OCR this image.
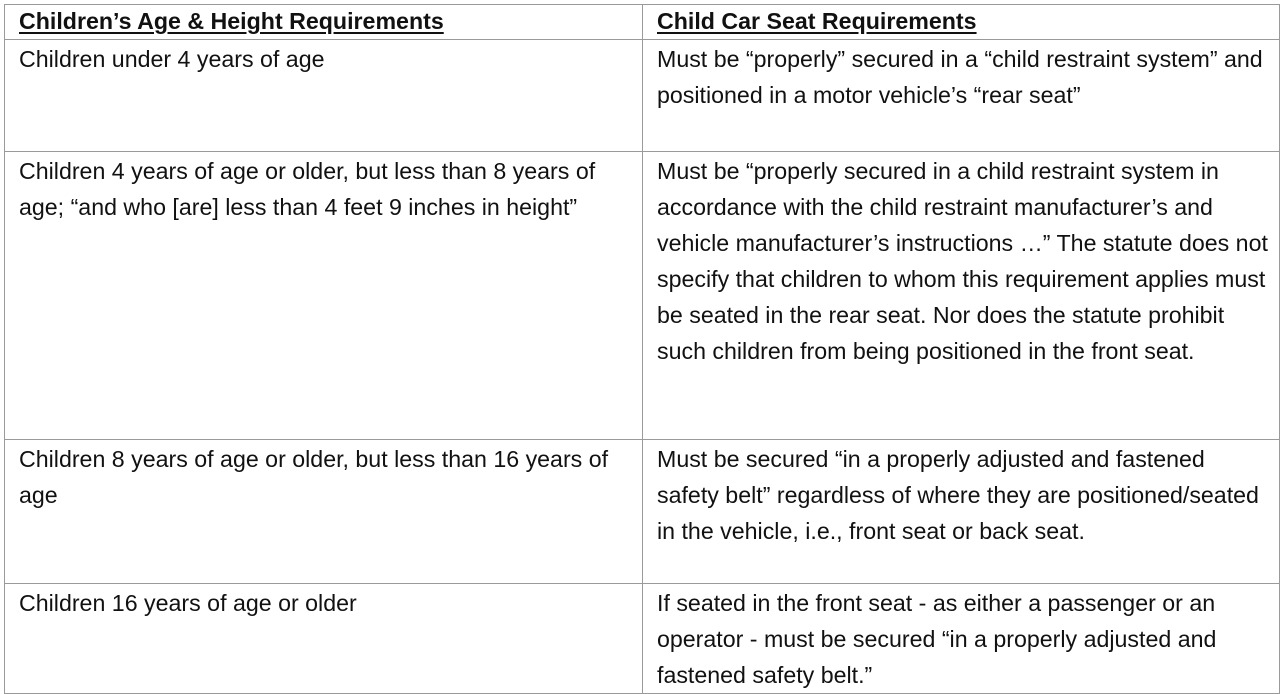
Children’s Age & Height Requirements	Child Car Seat Requirements

Children under 4 years of age	Must be “properly” secured in a “child restraint system” and positioned in a motor vehicle’s “rear seat”

Children 4 years of age or older, but less than 8 years of age; “and who [are] less than 4 feet 9 inches in height”	Must be “properly secured in a child restraint system in accordance with the child restraint manufacturer’s and vehicle manufacturer’s instructions …” The statute does not specify that children to whom this requirement applies must be seated in the rear seat. Nor does the statute prohibit such children from being positioned in the front seat.

Children 8 years of age or older, but less than 16 years of age	Must be secured “in a properly adjusted and fastened safety belt” regardless of where they are positioned/seated in the vehicle, i.e., front seat or back seat.

Children 16 years of age or older	If seated in the front seat - as either a passenger or an operator - must be secured “in a properly adjusted and fastened safety belt.”
